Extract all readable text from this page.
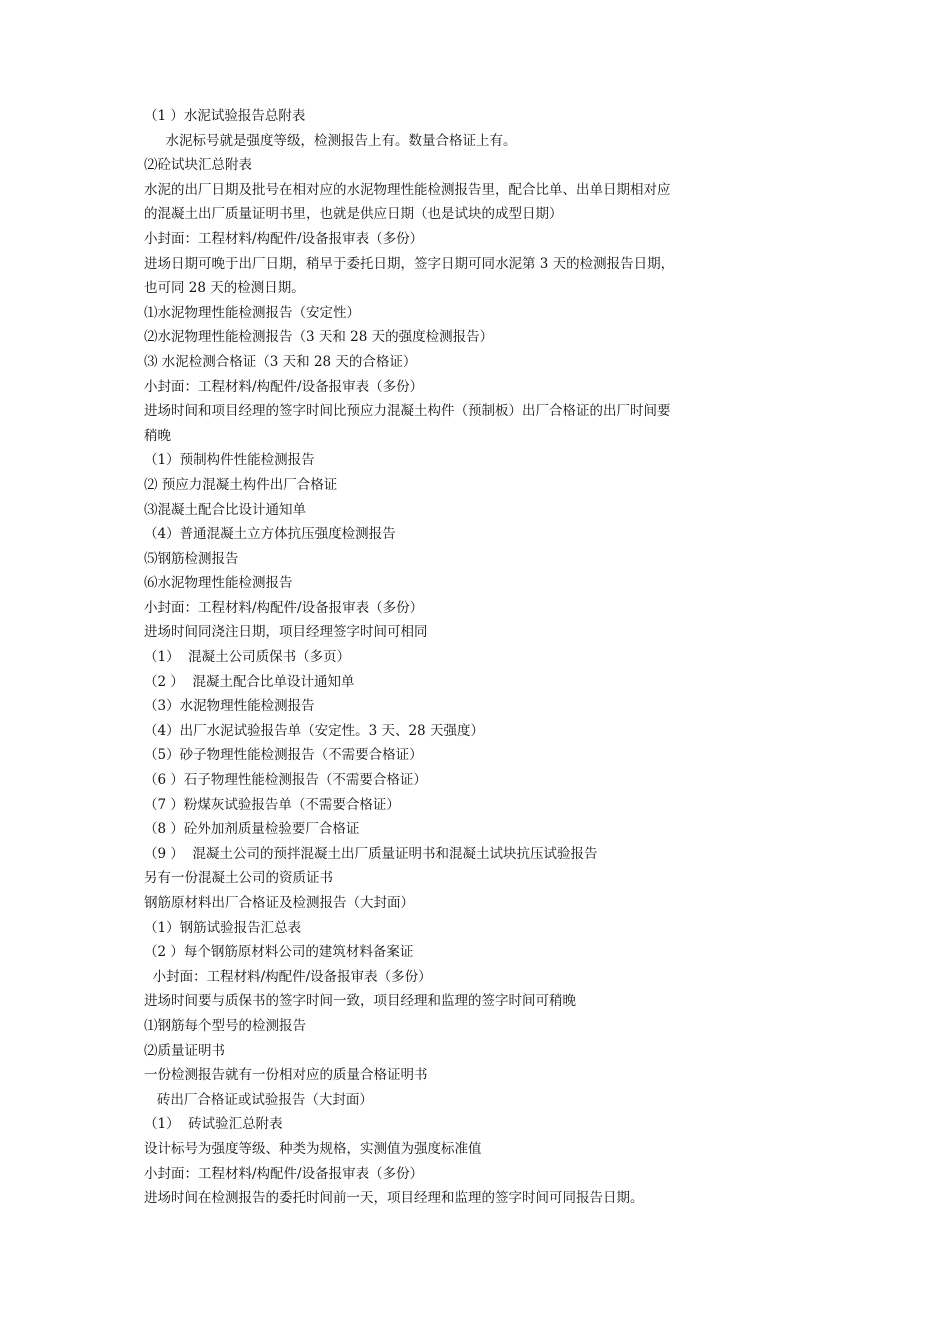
（1 ）水泥试验报告总附表

水泥标号就是强度等级，检测报告上有。数量合格证上有。

⑵砼试块汇总附表

水泥的出厂日期及批号在相对应的水泥物理性能检测报告里，配合比单、出单日期相对应

的混凝土出厂质量证明书里，也就是供应日期（也是试块的成型日期）

小封面：工程材料/构配件/设备报审表（多份）

进场日期可晚于出厂日期，稍早于委托日期，签字日期可同水泥第 3 天的检测报告日期，

也可同 28 天的检测日期。

⑴水泥物理性能检测报告（安定性）

⑵水泥物理性能检测报告（3 天和 28 天的强度检测报告）

⑶ 水泥检测合格证（3 天和 28 天的合格证）

小封面：工程材料/构配件/设备报审表（多份）

进场时间和项目经理的签字时间比预应力混凝土构件（预制板）出厂合格证的出厂时间要

稍晚

（1）预制构件性能检测报告

⑵ 预应力混凝土构件出厂合格证

⑶混凝土配合比设计通知单

（4）普通混凝土立方体抗压强度检测报告

⑸钢筋检测报告

⑹水泥物理性能检测报告

小封面：工程材料/构配件/设备报审表（多份）

进场时间同浇注日期，项目经理签字时间可相同

（1）  混凝土公司质保书（多页）

（2 ）  混凝土配合比单设计通知单

（3）水泥物理性能检测报告

（4）出厂水泥试验报告单（安定性。3 天、28 天强度）

（5）砂子物理性能检测报告（不需要合格证）

（6 ）石子物理性能检测报告（不需要合格证）

（7 ）粉煤灰试验报告单（不需要合格证）

（8 ）砼外加剂质量检验要厂合格证

（9 ）  混凝土公司的预拌混凝土出厂质量证明书和混凝土试块抗压试验报告

另有一份混凝土公司的资质证书

钢筋原材料出厂合格证及检测报告（大封面）

（1）钢筋试验报告汇总表

（2 ）每个钢筋原材料公司的建筑材料备案证

小封面：工程材料/构配件/设备报审表（多份）

进场时间要与质保书的签字时间一致，项目经理和监理的签字时间可稍晚

⑴钢筋每个型号的检测报告

⑵质量证明书

一份检测报告就有一份相对应的质量合格证明书

砖出厂合格证或试验报告（大封面）

（1）  砖试验汇总附表

设计标号为强度等级、种类为规格，实测值为强度标准值

小封面：工程材料/构配件/设备报审表（多份）

进场时间在检测报告的委托时间前一天，项目经理和监理的签字时间可同报告日期。
